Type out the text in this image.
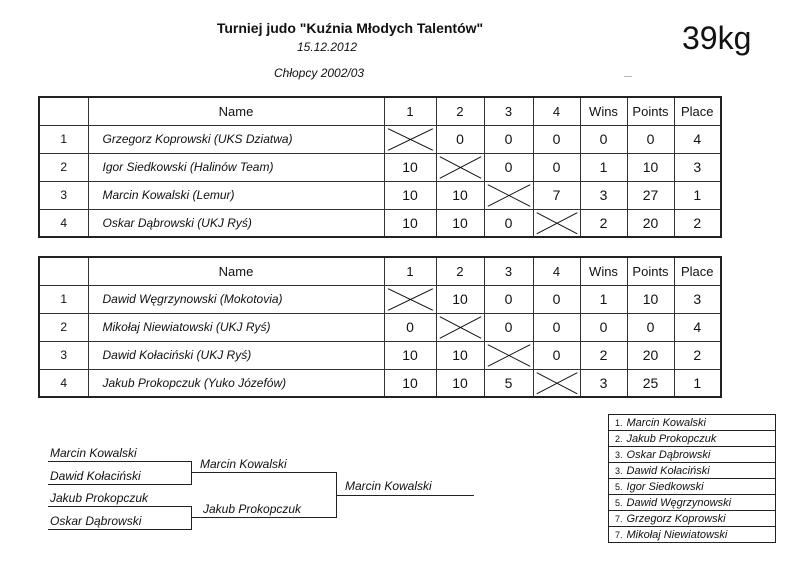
Turniej judo "Kuźnia Młodych Talentów"
15.12.2012
Chłopcy 2002/03
39kg
	Name	1	2	3	4	Wins	Points	Place
1	Grzegorz Koprowski (UKS Dziatwa)		0	0	0	0	0	4
2	Igor Siedkowski (Halinów Team)	10		0	0	1	10	3
3	Marcin Kowalski (Lemur)	10	10		7	3	27	1
4	Oskar Dąbrowski (UKJ Ryś)	10	10	0		2	20	2
	Name	1	2	3	4	Wins	Points	Place
1	Dawid Węgrzynowski (Mokotovia)		10	0	0	1	10	3
2	Mikołaj Niewiatowski (UKJ Ryś)	0		0	0	0	0	4
3	Dawid Kołaciński (UKJ Ryś)	10	10		0	2	20	2
4	Jakub Prokopczuk (Yuko Józefów)	10	10	5		3	25	1
Marcin Kowalski
Dawid Kołaciński
Marcin Kowalski
Jakub Prokopczuk
Oskar Dąbrowski
Jakub Prokopczuk
Marcin Kowalski
1. Marcin Kowalski
2. Jakub Prokopczuk
3. Oskar Dąbrowski
3. Dawid Kołaciński
5. Igor Siedkowski
5. Dawid Węgrzynowski
7. Grzegorz Koprowski
7. Mikołaj Niewiatowski
